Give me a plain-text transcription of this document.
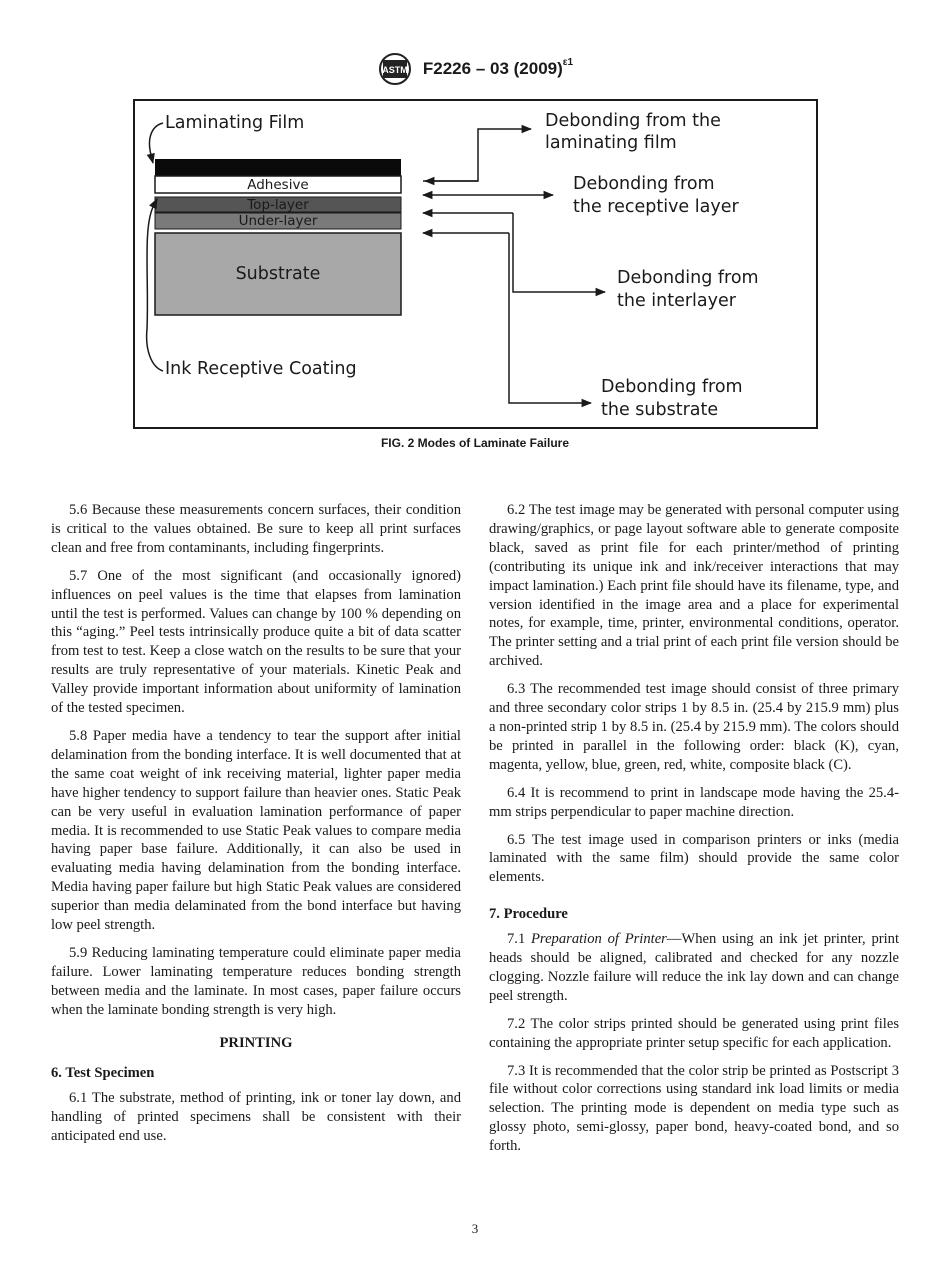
ASTM F2226 – 03 $(2009)^{\varepsilon 1}$
Laminating Film
Ink Receptive Coating
Adhesive
Top-layer
Under-layer
Substrate
Debonding from the
laminating film
Debonding from
the receptive layer
Debonding from
the interlayer
Debonding from
the substrate
FIG. 2 Modes of Laminate Failure

5.6 Because these measurements concern surfaces, their condition is critical to the values obtained. Be sure to keep all print surfaces clean and free from contaminants, including fingerprints.

5.7 One of the most significant (and occasionally ignored) influences on peel values is the time that elapses from lamination until the test is performed. Values can change by 100 % depending on this “aging.” Peel tests intrinsically produce quite a bit of data scatter from test to test. Keep a close watch on the results to be sure that your results are truly representative of your materials. Kinetic Peak and Valley provide important information about uniformity of lamination of the tested specimen.

5.8 Paper media have a tendency to tear the support after initial delamination from the bonding interface. It is well documented that at the same coat weight of ink receiving material, lighter paper media have higher tendency to support failure than heavier ones. Static Peak can be very useful in evaluation lamination performance of paper media. It is recommended to use Static Peak values to compare media having paper base failure. Additionally, it can also be used in evaluating media having delamination from the bonding interface. Media having paper failure but high Static Peak values are considered superior than media delaminated from the bond interface but having low peel strength.

5.9 Reducing laminating temperature could eliminate paper media failure. Lower laminating temperature reduces bonding strength between media and the laminate. In most cases, paper failure occurs when the laminate bonding strength is very high.

PRINTING
6. Test Specimen

6.1 The substrate, method of printing, ink or toner lay down, and handling of printed specimens shall be consistent with their anticipated end use.

6.2 The test image may be generated with personal computer using drawing/graphics, or page layout software able to generate composite black, saved as print file for each printer/method of printing (contributing its unique ink and ink/receiver interactions that may impact lamination.) Each print file should have its filename, type, and version identified in the image area and a place for experimental notes, for example, time, printer, environmental conditions, operator. The printer setting and a trial print of each print file version should be archived.

6.3 The recommended test image should consist of three primary and three secondary color strips 1 by 8.5 in. (25.4 by 215.9 mm) plus a non-printed strip 1 by 8.5 in. (25.4 by 215.9 mm). The colors should be printed in parallel in the following order: black (K), cyan, magenta, yellow, blue, green, red, white, composite black (C).

6.4 It is recommend to print in landscape mode having the 25.4-mm strips perpendicular to paper machine direction.

6.5 The test image used in comparison printers or inks (media laminated with the same film) should provide the same color elements.

7. Procedure

7.1 Preparation of Printer—When using an ink jet printer, print heads should be aligned, calibrated and checked for any nozzle clogging. Nozzle failure will reduce the ink lay down and can change peel strength.

7.2 The color strips printed should be generated using print files containing the appropriate printer setup specific for each application.

7.3 It is recommended that the color strip be printed as Postscript 3 file without color corrections using standard ink load limits or media selection. The printing mode is dependent on media type such as glossy photo, semi-glossy, paper bond, heavy-coated bond, and so forth.

3
